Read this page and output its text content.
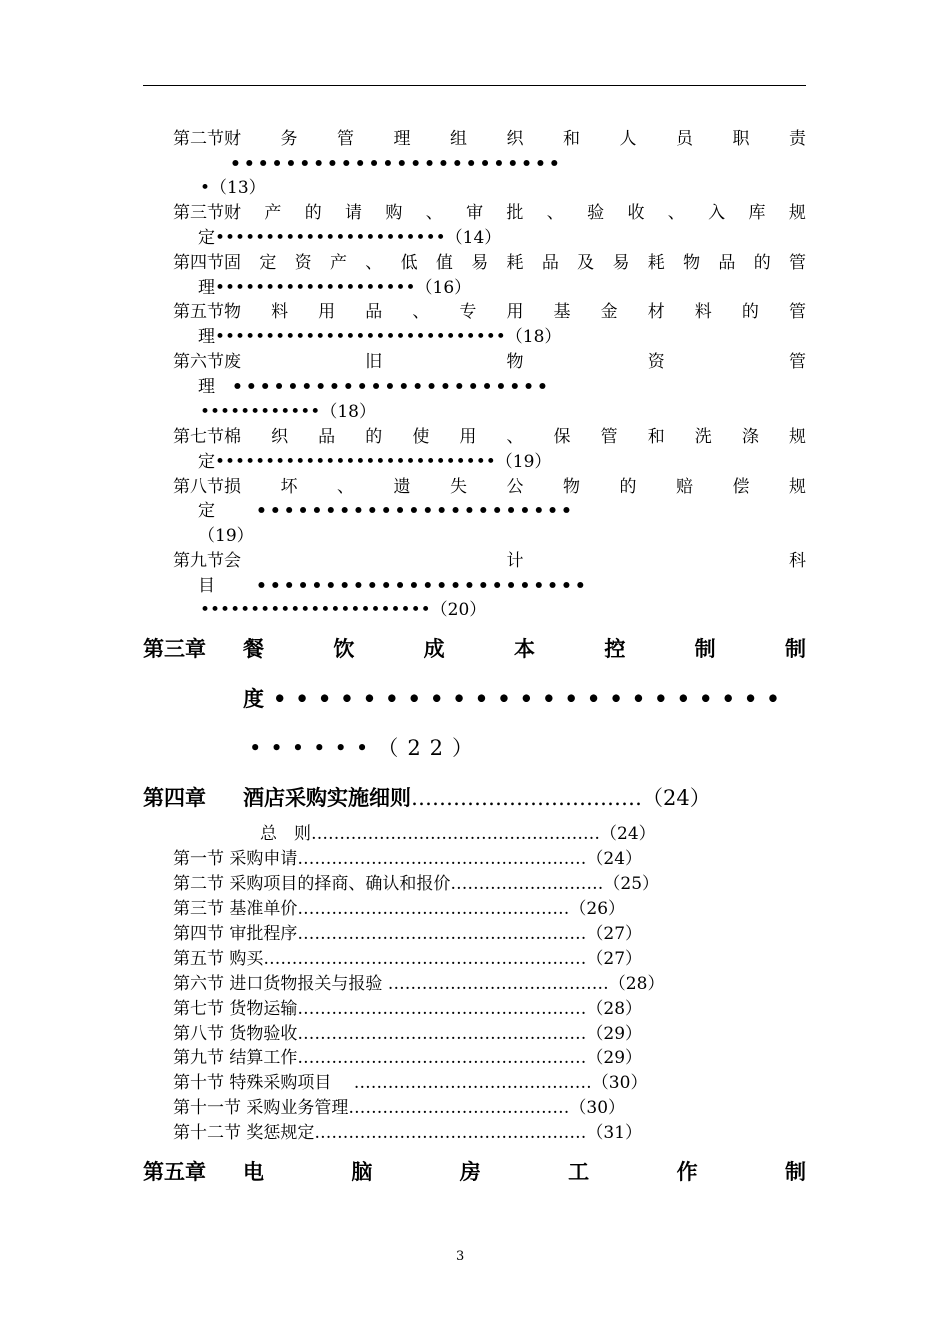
第二节财 务 管 理 组 织 和 人 员 职 责
••••••••••••••••••••••••
•（13）
第三节财 产 的 请 购 、 审 批 、 验 收 、 入 库 规
定•••••••••••••••••••••••（14）
第四节固 定 资 产 、 低 值 易 耗 品 及 易 耗 物 品 的 管
理••••••••••••••••••••（16）
第五节物 料 用 品 、 专 用 基 金 材 料 的 管
理•••••••••••••••••••••••••••••（18）
第六节废	旧	物	资	管
理 •••••••••••••••••••••••
••••••••••••（18）
第七节棉 织 品 的 使 用 、 保 管 和 洗 涤 规
定••••••••••••••••••••••••••••（19）
第八节损 坏 、 遗 失 公 物 的 赔 偿 规
定 •••••••••••••••••••••••
（19）
第九节会	计	科
目 ••••••••••••••••••••••••
•••••••••••••••••••••••（20）
第三章 餐	饮	成	本	控	制	制
度•••••••••••••••••••••••
••••••（22）
第四章 酒店采购实施细则……………………………（24）
总　则……………………………………………（24）
第一节 采购申请……………………………………………（24）
第二节 采购项目的择商、确认和报价………………………（25）
第三节 基准单价…………………………………………（26）
第四节 审批程序……………………………………………（27）
第五节 购买…………………………………………………（27）
第六节 进口货物报关与报验 …………………………………（28）
第七节 货物运输……………………………………………（28）
第八节 货物验收……………………………………………（29）
第九节 结算工作……………………………………………（29）
第十节 特殊采购项目　 ……………………………………（30）
第十一节 采购业务管理…………………………………（30）
第十二节 奖惩规定…………………………………………（31）
第五章 电	脑	房	工	作	制
3
